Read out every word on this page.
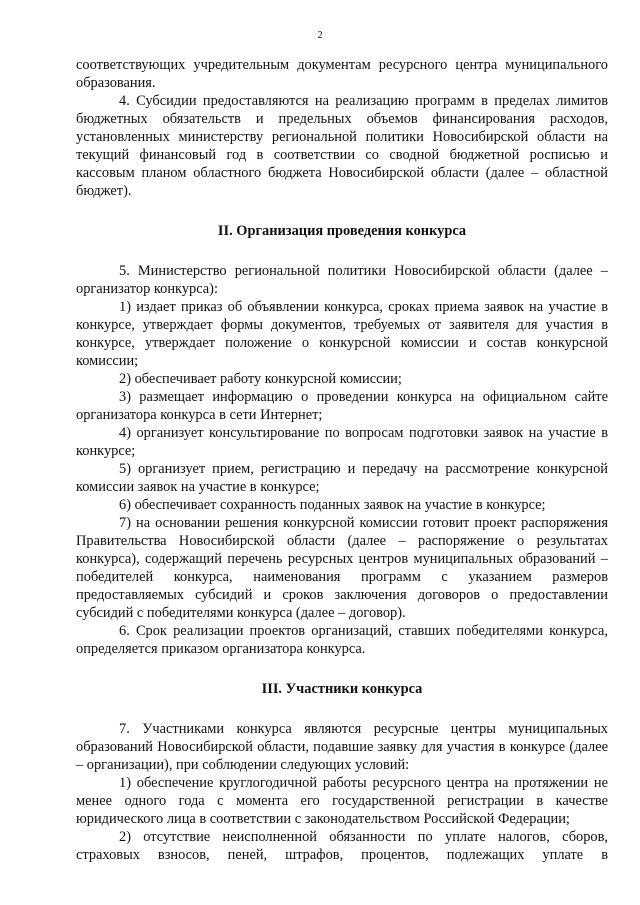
2

соответствующих учредительным документам ресурсного центра муниципального образования.

4. Субсидии предоставляются на реализацию программ в пределах лимитов бюджетных обязательств и предельных объемов финансирования расходов, установленных министерству региональной политики Новосибирской области на текущий финансовый год в соответствии со сводной бюджетной росписью и кассовым планом областного бюджета Новосибирской области (далее – областной бюджет).

II. Организация проведения конкурса

5. Министерство региональной политики Новосибирской области (далее – организатор конкурса):

1) издает приказ об объявлении конкурса, сроках приема заявок на участие в конкурсе, утверждает формы документов, требуемых от заявителя для участия в конкурсе, утверждает положение о конкурсной комиссии и состав конкурсной комиссии;

2) обеспечивает работу конкурсной комиссии;

3) размещает информацию о проведении конкурса на официальном сайте организатора конкурса в сети Интернет;

4) организует консультирование по вопросам подготовки заявок на участие в конкурсе;

5) организует прием, регистрацию и передачу на рассмотрение конкурсной комиссии заявок на участие в конкурсе;

6) обеспечивает сохранность поданных заявок на участие в конкурсе;

7) на основании решения конкурсной комиссии готовит проект распоряжения Правительства Новосибирской области (далее – распоряжение о результатах конкурса), содержащий перечень ресурсных центров муниципальных образований – победителей конкурса, наименования программ с указанием размеров предоставляемых субсидий и сроков заключения договоров о предоставлении субсидий с победителями конкурса (далее – договор).

6. Срок реализации проектов организаций, ставших победителями конкурса, определяется приказом организатора конкурса.

III. Участники конкурса

7. Участниками конкурса являются ресурсные центры муниципальных образований Новосибирской области, подавшие заявку для участия в конкурсе (далее – организации), при соблюдении следующих условий:

1) обеспечение круглогодичной работы ресурсного центра на протяжении не менее одного года с момента его государственной регистрации в качестве юридического лица в соответствии с законодательством Российской Федерации;

2) отсутствие неисполненной обязанности по уплате налогов, сборов, страховых взносов, пеней, штрафов, процентов, подлежащих уплате в
